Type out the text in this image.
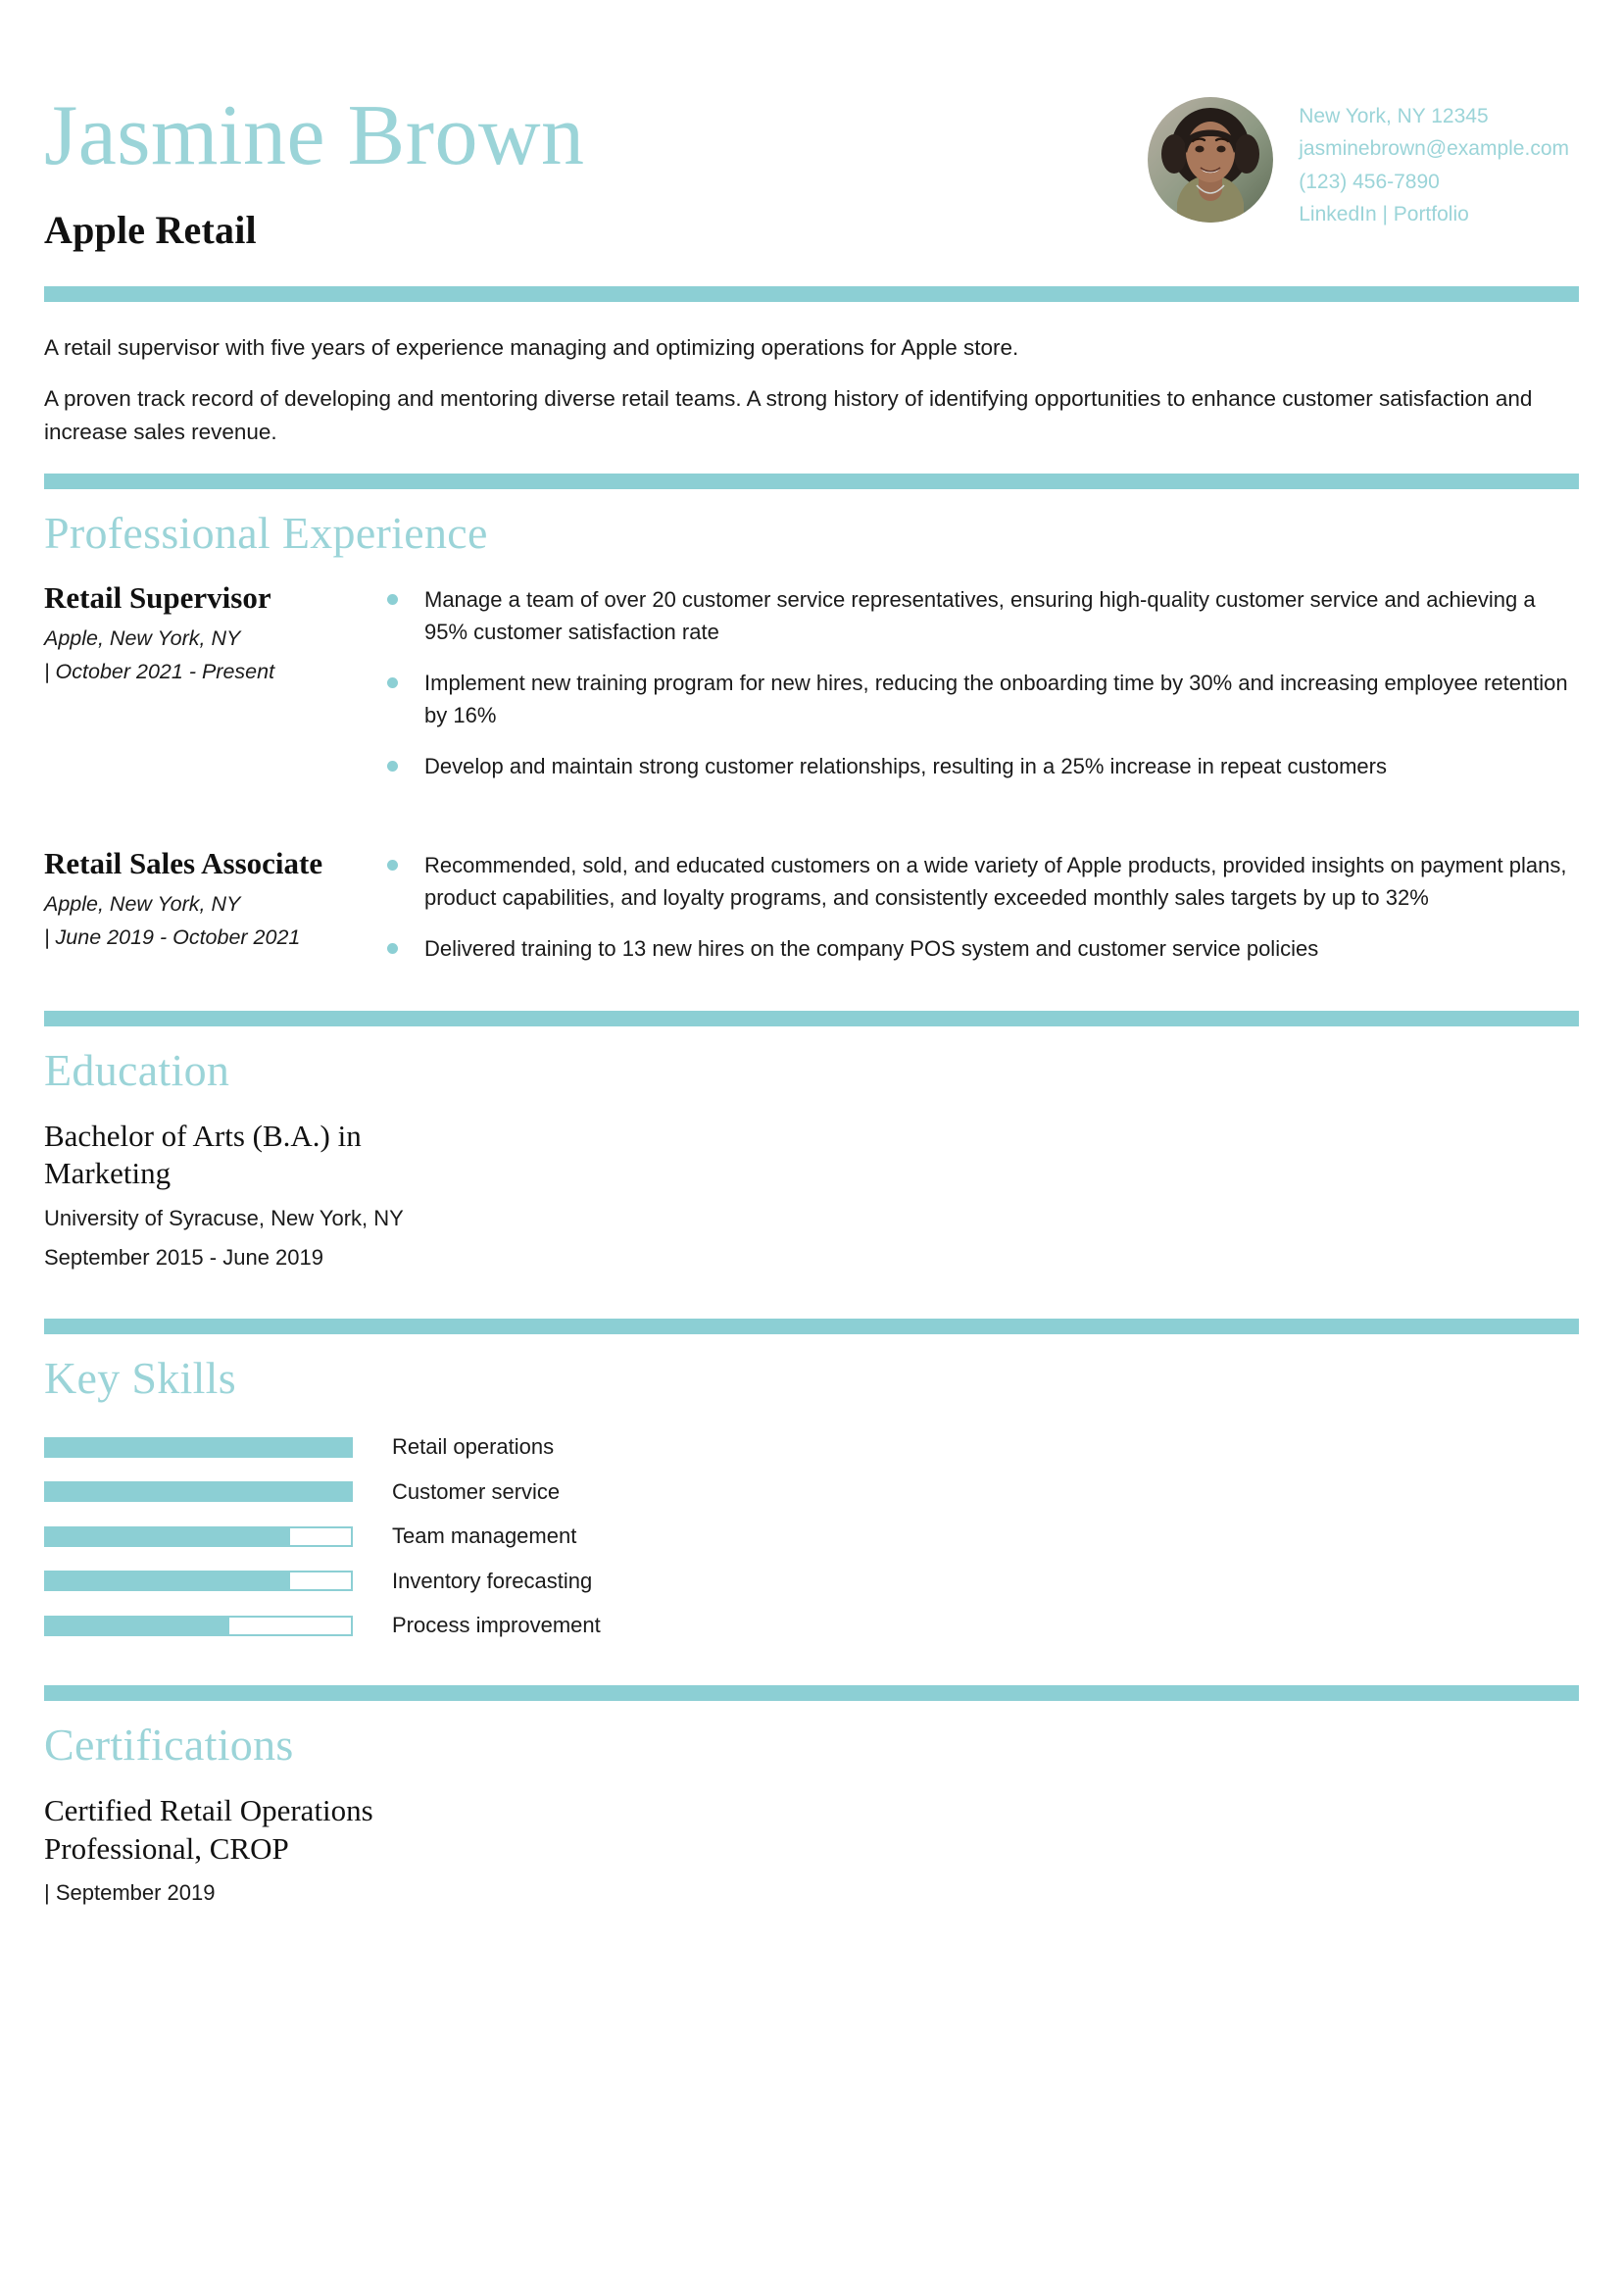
Jasmine Brown
Apple Retail
New York, NY 12345
jasminebrown@example.com
(123) 456-7890
LinkedIn | Portfolio

A retail supervisor with five years of experience managing and optimizing operations for Apple store.

A proven track record of developing and mentoring diverse retail teams. A strong history of identifying opportunities to enhance customer satisfaction and increase sales revenue.

Professional Experience
Retail Supervisor
Apple, New York, NY
| October 2021 - Present
Manage a team of over 20 customer service representatives, ensuring high-quality customer service and achieving a 95% customer satisfaction rate
Implement new training program for new hires, reducing the onboarding time by 30% and increasing employee retention by 16%
Develop and maintain strong customer relationships, resulting in a 25% increase in repeat customers
Retail Sales Associate
Apple, New York, NY
| June 2019 - October 2021
Recommended, sold, and educated customers on a wide variety of Apple products, provided insights on payment plans, product capabilities, and loyalty programs, and consistently exceeded monthly sales targets by up to 32%
Delivered training to 13 new hires on the company POS system and customer service policies
Education
Bachelor of Arts (B.A.) in Marketing
University of Syracuse, New York, NY
September 2015 - June 2019
Key Skills
Retail operations
Customer service
Team management
Inventory forecasting
Process improvement
Certifications
Certified Retail Operations Professional, CROP
| September 2019
